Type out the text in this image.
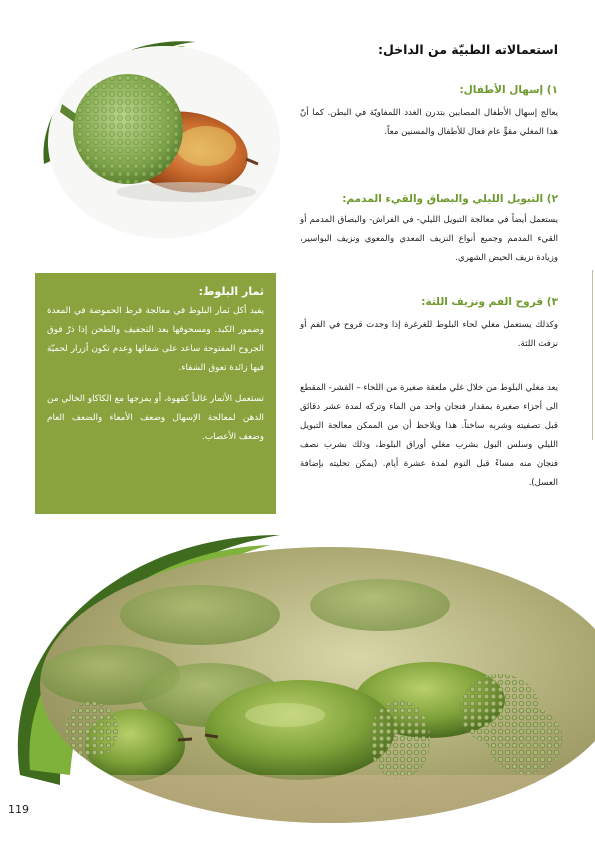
استعمالاته الطبيّة من الداخل:
١) إسهال الأطفال:
يعالج إسهال الأطفال المصابين بتدرن الغدد اللمفاويّة في البطن. كما أنّ هذا المغلي مقوٍّ عام فعال للأطفال والمسنين معاً.
٢) التبويل الليلي والبصاق والقيء المدمم:
يستعمل أيضاً في معالجة التبويل الليلي- في الفراش- والبصاق المدمم أو القيء المدمم وجميع أنواع النزيف المعدي والمعوي ونزيف البواسير، وزيادة نزيف الحيض الشهري.
٣) قروح الفم ونزيف اللثة:
وكذلك يستعمل مغلي لحاء البلوط للغرغرة إذا وجدت قروح في الفم أو نزفت اللثة.
يعد مغلي البلوط من خلال غلي ملعقة صغيرة من اللحاء – القشر- المقطع الى أجزاء صغيرة بمقدار فنجان واحد من الماء وتركه لمدة عشر دقائق قبل تصفيته وشربه ساخناً. هذا ويلاحظ أن من الممكن معالجة التبويل الليلي وسلس البول بشرب مغلي أوراق البلوط، وذلك بشرب نصف فنجان منه مساءً قبل النوم لمدة عشرة أيام. (يمكن تحليته بإضافة العسل).
ثمار البلوط:

يفيد أكل ثمار البلوط في معالجة فرط الحموضة في المعدة وضمور الكبد. ومسحوقها بعد التجفيف والطحن إذا ذرّ فوق الجروح المفتوحة ساعد على شفائها وعدم تكون أزرار لحميّة فيها زائدة تعوق الشفاء.

تستعمل الأثمار غالباً كقهوة، أو يمزجها مع الكاكاو الخالي من الدهن لمعالجة الإسهال وضعف الأمعاء والضعف العام وضعف الأعصاب.

119
